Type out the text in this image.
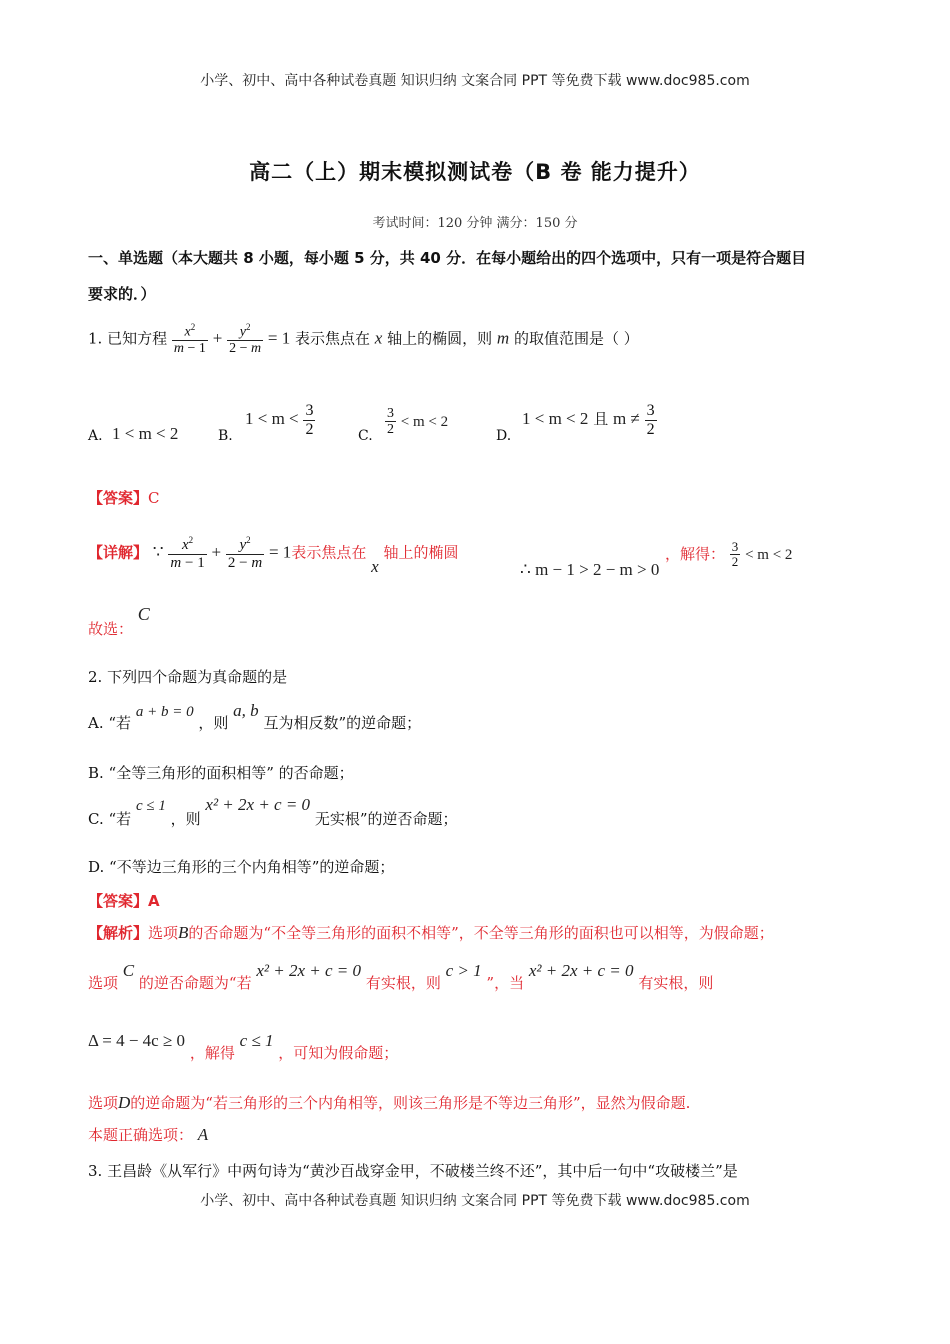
小学、初中、高中各种试卷真题 知识归纳 文案合同 PPT 等免费下载 www.doc985.com
高二（上）期末模拟测试卷（B 卷 能力提升）
考试时间：120 分钟 满分：150 分
一、单选题（本大题共 8 小题，每小题 5 分，共 40 分．在每小题给出的四个选项中，只有一项是符合题目
要求的．）
1. 已知方程 $\frac{x^2}{m - 1} + \frac{y^2}{2 - m} = 1$ 表示焦点在 x 轴上的椭圆，则 m 的取值范围是（ ）
A. 1 < m < 2	B.
$1 < m < \frac{3}{2}$	C. $\frac{3}{2} < m < 2$
D.
1 < m < 2 且 $m \ne \frac{3}{2}$
【答案】C
【详解】 ∵ $\frac{x^2}{m - 1} + \frac{y^2}{2 - m} = 1$表示焦点在 x 轴上的椭圆
∴ m − 1 > 2 − m > 0
，解得： $\frac{3}{2} < m < 2$
故选： C
2. 下列四个命题为真命题的是
A. “若 a + b = 0 ，则 a, b 互为相反数”的逆命题；
B. “全等三角形的面积相等” 的否命题；
C. “若 c ≤ 1 ，则 x² + 2x + c = 0 无实根”的逆否命题；
D. “不等边三角形的三个内角相等”的逆命题；
【答案】A
【解析】选项B的否命题为“不全等三角形的面积不相等”，不全等三角形的面积也可以相等，为假命题；
选项 C 的逆否命题为“若 x² + 2x + c = 0 有实根，则 c > 1 ”，当 x² + 2x + c = 0 有实根，则
Δ = 4 − 4c ≥ 0 ，解得 c ≤ 1 ，可知为假命题；
选项D的逆命题为“若三角形的三个内角相等，则该三角形是不等边三角形”，显然为假命题.
本题正确选项： A
3. 王昌龄《从军行》中两句诗为“黄沙百战穿金甲，不破楼兰终不还”，其中后一句中“攻破楼兰”是
小学、初中、高中各种试卷真题 知识归纳 文案合同 PPT 等免费下载 www.doc985.com
